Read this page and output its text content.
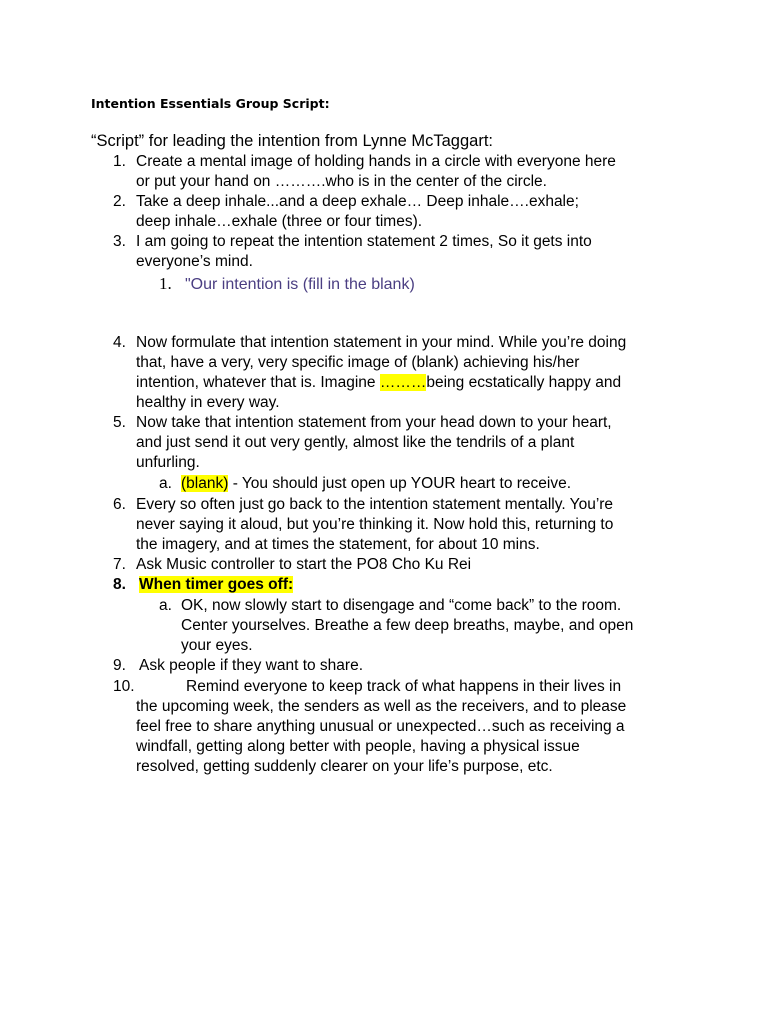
Intention Essentials Group Script:
“Script” for leading the intention from Lynne McTaggart:
1. Create a mental image of holding hands in a circle with everyone here
or put your hand on ……….who is in the center of the circle.
2. Take a deep inhale...and a deep exhale… Deep inhale….exhale;
deep inhale…exhale (three or four times).
3. I am going to repeat the intention statement 2 times, So it gets into
everyone’s mind.
1. "Our intention is (fill in the blank)
4. Now formulate that intention statement in your mind. While you’re doing
that, have a very, very specific image of (blank) achieving his/her
intention, whatever that is. Imagine ………being ecstatically happy and
healthy in every way.
5. Now take that intention statement from your head down to your heart,
and just send it out very gently, almost like the tendrils of a plant
unfurling.
a. (blank) - You should just open up YOUR heart to receive.
6. Every so often just go back to the intention statement mentally. You’re
never saying it aloud, but you’re thinking it. Now hold this, returning to
the imagery, and at times the statement, for about 10 mins.
7. Ask Music controller to start the PO8 Cho Ku Rei
8. When timer goes off:
a. OK, now slowly start to disengage and “come back” to the room.
Center yourselves. Breathe a few deep breaths, maybe, and open
your eyes.
9. Ask people if they want to share.
10.	Remind everyone to keep track of what happens in their lives in
the upcoming week, the senders as well as the receivers, and to please
feel free to share anything unusual or unexpected…such as receiving a
windfall, getting along better with people, having a physical issue
resolved, getting suddenly clearer on your life’s purpose, etc.
